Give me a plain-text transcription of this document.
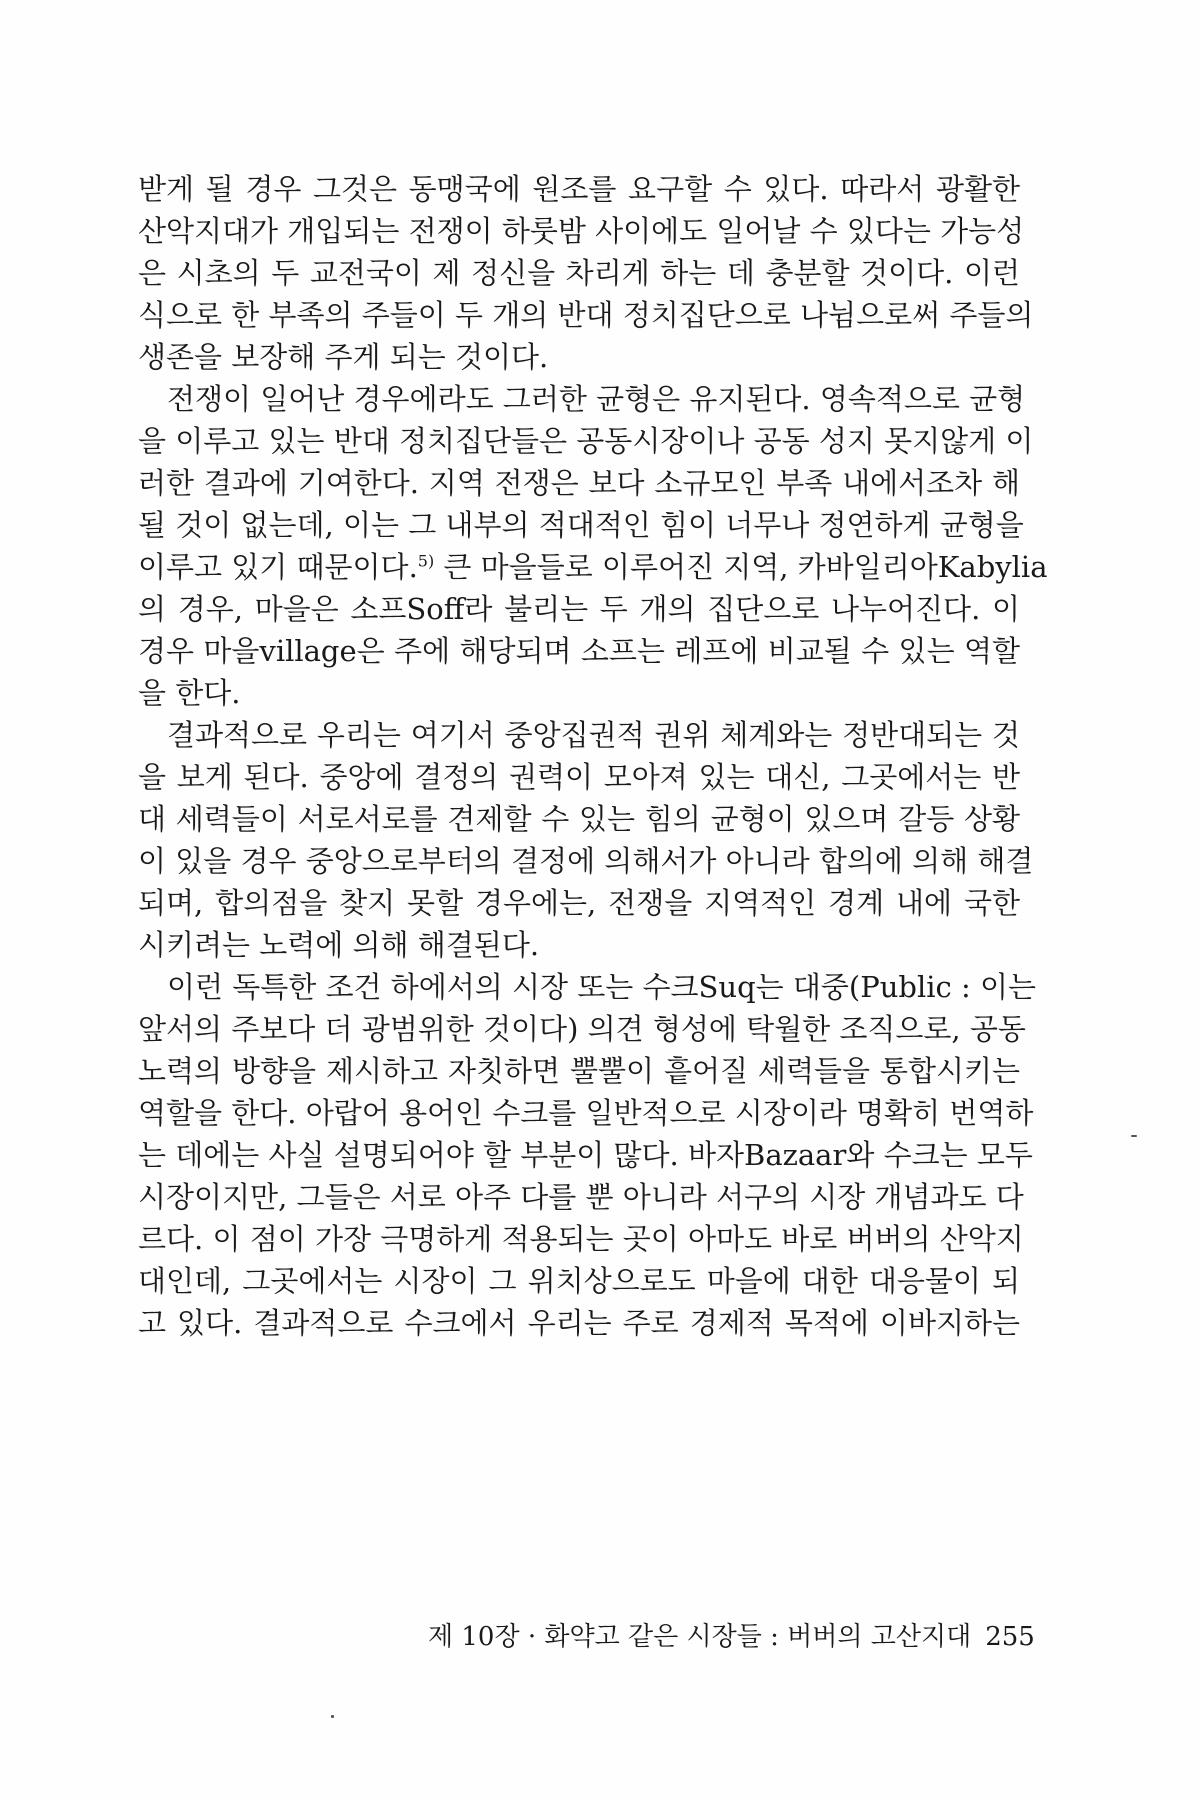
받게 될 경우 그것은 동맹국에 원조를 요구할 수 있다. 따라서 광활한
산악지대가 개입되는 전쟁이 하룻밤 사이에도 일어날 수 있다는 가능성
은 시초의 두 교전국이 제 정신을 차리게 하는 데 충분할 것이다. 이런
식으로 한 부족의 주들이 두 개의 반대 정치집단으로 나뉨으로써 주들의
생존을 보장해 주게 되는 것이다.
전쟁이 일어난 경우에라도 그러한 균형은 유지된다. 영속적으로 균형
을 이루고 있는 반대 정치집단들은 공동시장이나 공동 성지 못지않게 이
러한 결과에 기여한다. 지역 전쟁은 보다 소규모인 부족 내에서조차 해
될 것이 없는데, 이는 그 내부의 적대적인 힘이 너무나 정연하게 균형을
이루고 있기 때문이다.$^{5)}$ 큰 마을들로 이루어진 지역, 카바일리아Kabylia
의 경우, 마을은 소프Soff라 불리는 두 개의 집단으로 나누어진다. 이
경우 마을village은 주에 해당되며 소프는 레프에 비교될 수 있는 역할
을 한다.
결과적으로 우리는 여기서 중앙집권적 권위 체계와는 정반대되는 것
을 보게 된다. 중앙에 결정의 권력이 모아져 있는 대신, 그곳에서는 반
대 세력들이 서로서로를 견제할 수 있는 힘의 균형이 있으며 갈등 상황
이 있을 경우 중앙으로부터의 결정에 의해서가 아니라 합의에 의해 해결
되며, 합의점을 찾지 못할 경우에는, 전쟁을 지역적인 경계 내에 국한
시키려는 노력에 의해 해결된다.
이런 독특한 조건 하에서의 시장 또는 수크Suq는 대중(Public : 이는
앞서의 주보다 더 광범위한 것이다) 의견 형성에 탁월한 조직으로, 공동
노력의 방향을 제시하고 자칫하면 뿔뿔이 흩어질 세력들을 통합시키는
역할을 한다. 아랍어 용어인 수크를 일반적으로 시장이라 명확히 번역하
는 데에는 사실 설명되어야 할 부분이 많다. 바자Bazaar와 수크는 모두
시장이지만, 그들은 서로 아주 다를 뿐 아니라 서구의 시장 개념과도 다
르다. 이 점이 가장 극명하게 적용되는 곳이 아마도 바로 버버의 산악지
대인데, 그곳에서는 시장이 그 위치상으로도 마을에 대한 대응물이 되
고 있다. 결과적으로 수크에서 우리는 주로 경제적 목적에 이바지하는
제 10장 · 화약고 같은 시장들 : 버버의 고산지대 255
